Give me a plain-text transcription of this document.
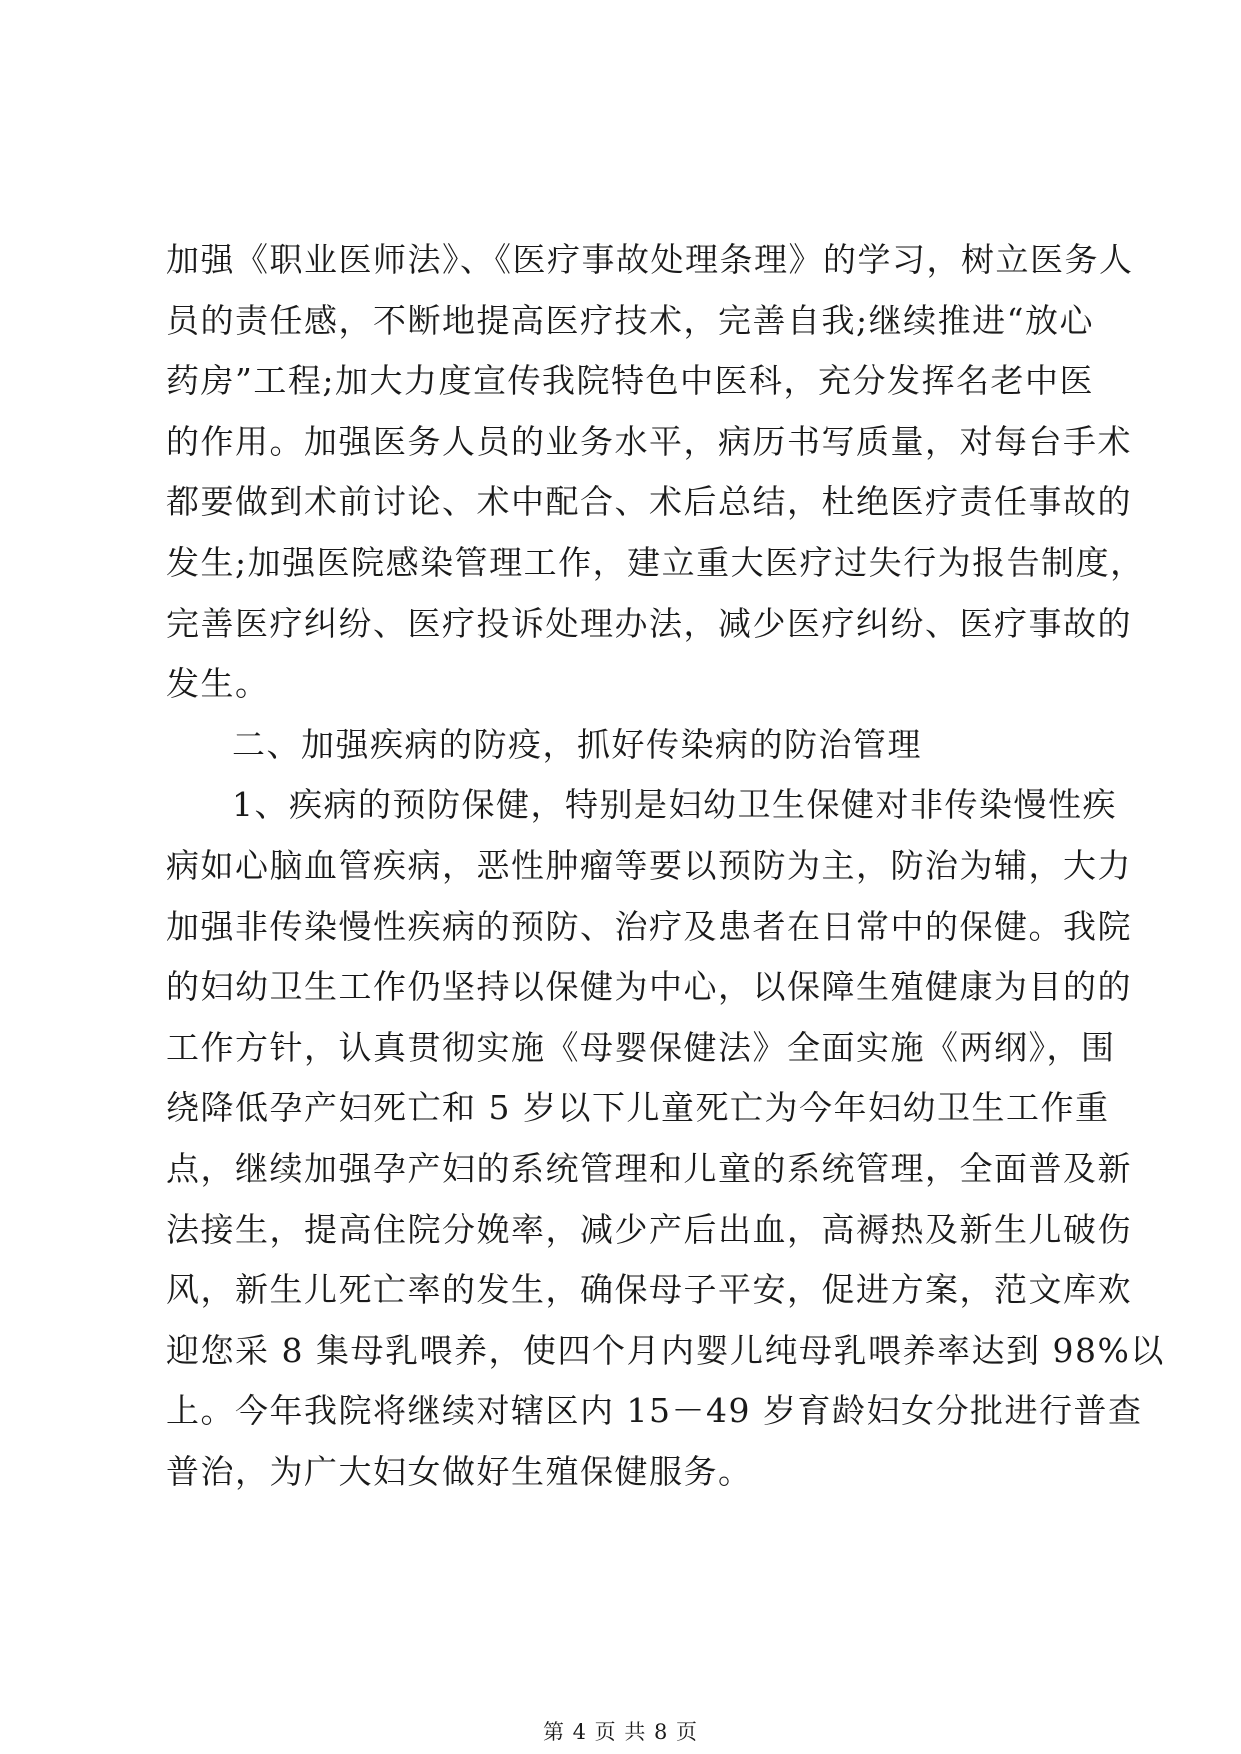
加强《职业医师法》、《医疗事故处理条理》的学习，树立医务人
员的责任感，不断地提高医疗技术，完善自我;继续推进“放心
药房”工程;加大力度宣传我院特色中医科，充分发挥名老中医
的作用。加强医务人员的业务水平，病历书写质量，对每台手术
都要做到术前讨论、术中配合、术后总结，杜绝医疗责任事故的
发生;加强医院感染管理工作，建立重大医疗过失行为报告制度，
完善医疗纠纷、医疗投诉处理办法，减少医疗纠纷、医疗事故的
发生。
二、加强疾病的防疫，抓好传染病的防治管理
1、疾病的预防保健，特别是妇幼卫生保健对非传染慢性疾
病如心脑血管疾病，恶性肿瘤等要以预防为主，防治为辅，大力
加强非传染慢性疾病的预防、治疗及患者在日常中的保健。我院
的妇幼卫生工作仍坚持以保健为中心，以保障生殖健康为目的的
工作方针，认真贯彻实施《母婴保健法》全面实施《两纲》，围
绕降低孕产妇死亡和 5 岁以下儿童死亡为今年妇幼卫生工作重
点，继续加强孕产妇的系统管理和儿童的系统管理，全面普及新
法接生，提高住院分娩率，减少产后出血，高褥热及新生儿破伤
风，新生儿死亡率的发生，确保母子平安，促进方案，范文库欢
迎您采 8 集母乳喂养，使四个月内婴儿纯母乳喂养率达到 98%以
上。今年我院将继续对辖区内 15－49 岁育龄妇女分批进行普查
普治，为广大妇女做好生殖保健服务。
第 4 页 共 8 页
